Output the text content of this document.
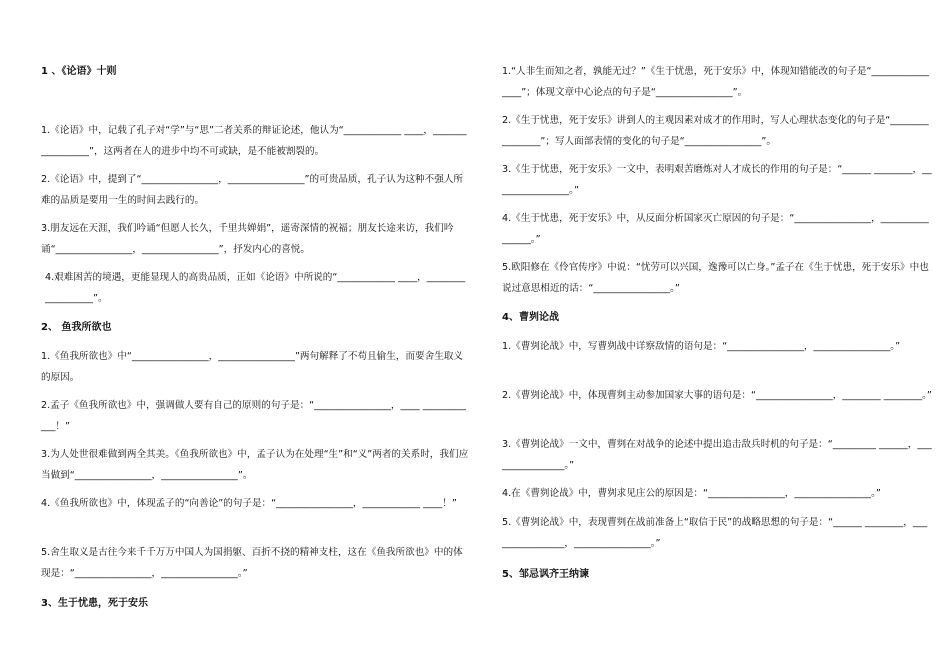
1 、《论语》十则
1.《论语》中，记载了孔子对“学”与“思”二者关系的辩证论述，他认为“____________ ____，_________________”，这两者在人的进步中均不可或缺，是不能被割裂的。
2.《论语》中，提到了“________________，________________”的可贵品质，孔子认为这种不强人所难的品质是要用一生的时间去践行的。
3.朋友远在天涯，我们吟诵“但愿人长久，千里共婵娟”，遥寄深情的祝福；朋友长途来访，我们吟诵“________________，________________”，抒发内心的喜悦。
4.艰难困苦的境遇，更能显现人的高贵品质，正如《论语》中所说的“____________ ____，__________________”。
2、 鱼我所欲也
1.《鱼我所欲也》中“________________，________________”两句解释了不苟且偷生，而要舍生取义的原因。
2.孟子《鱼我所欲也》中，强调做人要有自己的原则的句子是：“________________，____ ____________！”
3.为人处世很难做到两全其美。《鱼我所欲也》中，孟子认为在处理“生”和“义”两者的关系时，我们应当做到“________________，________________”。
4.《鱼我所欲也》中，体现孟子的“向善论”的句子是：“________________，____________ ____！”
5.舍生取义是古往今来千千万万中国人为国捐躯、百折不挠的精神支柱，这在《鱼我所欲也》中的体现是：“________________，________________。”
3、生于忧患，死于安乐
1.“人非生而知之者，孰能无过？”《生于忧患，死于安乐》中，体现知错能改的句子是“________________”；体现文章中心论点的句子是“________________”。
2.《生于忧患，死于安乐》讲到人的主观因素对成才的作用时，写人心理状态变化的句子是“________________”；写人面部表情的变化的句子是“________________”。
3.《生于忧患，死于安乐》一文中，表明艰苦磨炼对人才成长的作用的句子是：“______ ________，________________。”
4.《生于忧患，死于安乐》中，从反面分析国家灭亡原因的句子是：“________________，________________。”
5.欧阳修在《伶官传序》中说：“忧劳可以兴国，逸豫可以亡身。”孟子在《生于忧患，死于安乐》中也说过意思相近的话：“________________。”
4、曹刿论战
1.《曹刿论战》中，写曹刿战中详察敌情的语句是：“________________，________________。”
2.《曹刿论战》中，体现曹刿主动参加国家大事的语句是：“________________，________ ________。”
3.《曹刿论战》一文中，曹刿在对战争的论述中提出追击敌兵时机的句子是：“_________ ______，________________。”
4.在《曹刿论战》中，曹刿求见庄公的原因是：“________________，________________。”
5.《曹刿论战》中，表现曹刿在战前准备上“取信于民”的战略思想的句子是：“______ ________，________________，________________。”
5、邹忌讽齐王纳谏
